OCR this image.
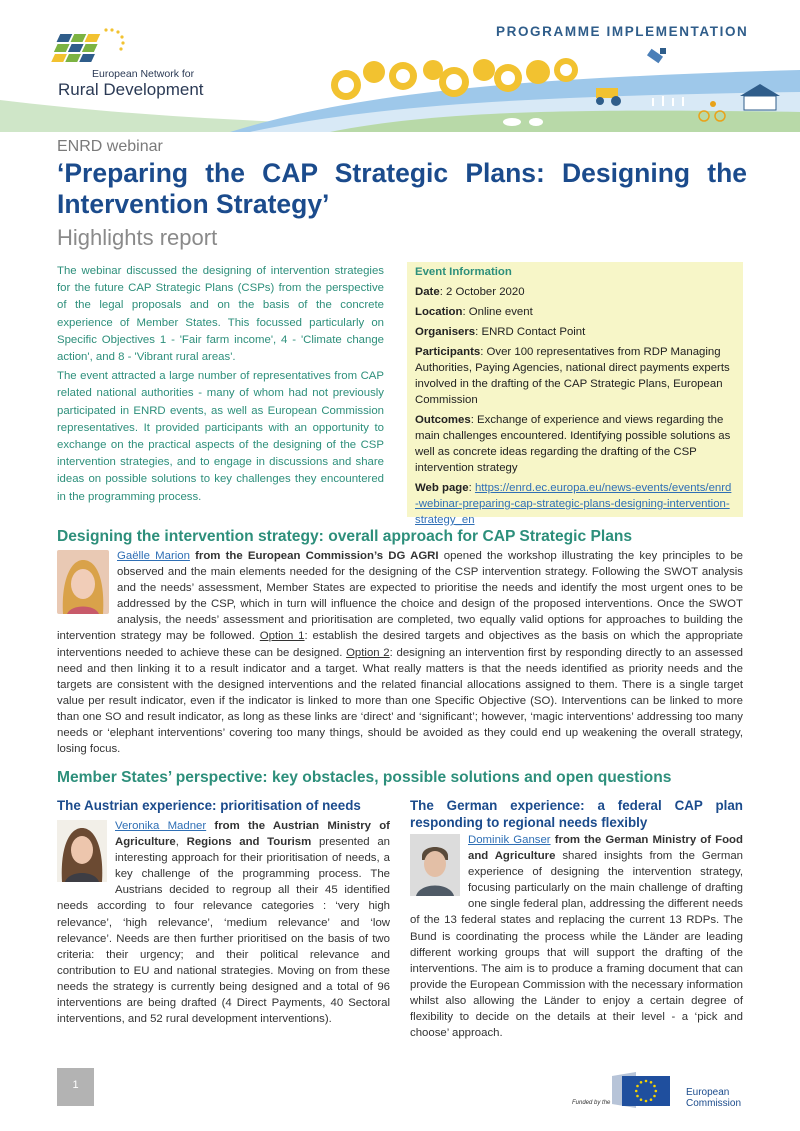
European Network for
Rural Development
PROGRAMME IMPLEMENTATION
ENRD webinar
‘Preparing the CAP Strategic Plans: Designing the Intervention Strategy’
Highlights report

The webinar discussed the designing of intervention strategies for the future CAP Strategic Plans (CSPs) from the perspective of the legal proposals and on the basis of the concrete experience of Member States. This focussed particularly on Specific Objectives 1 - 'Fair farm income', 4 - 'Climate change action', and 8 - 'Vibrant rural areas'.

The event attracted a large number of representatives from CAP related national authorities - many of whom had not previously participated in ENRD events, as well as European Commission representatives. It provided participants with an opportunity to exchange on the practical aspects of the designing of the CSP intervention strategies, and to engage in discussions and share ideas on possible solutions to key challenges they encountered in the programming process.

Event Information
Date: 2 October 2020
Location: Online event
Organisers: ENRD Contact Point
Participants: Over 100 representatives from RDP Managing Authorities, Paying Agencies, national direct payments experts involved in the drafting of the CAP Strategic Plans, European Commission
Outcomes: Exchange of experience and views regarding the main challenges encountered. Identifying possible solutions as well as concrete ideas regarding the drafting of the CSP intervention strategy
Web page: https://enrd.ec.europa.eu/news-events/events/enrd-webinar-preparing-cap-strategic-plans-designing-intervention-strategy_en
Designing the intervention strategy: overall approach for CAP Strategic Plans
Gaëlle Marion from the European Commission’s DG AGRI opened the workshop illustrating the key principles to be observed and the main elements needed for the designing of the CSP intervention strategy. Following the SWOT analysis and the needs’ assessment, Member States are expected to prioritise the needs and identify the most urgent ones to be addressed by the CSP, which in turn will influence the choice and design of the proposed interventions. Once the SWOT analysis, the needs’ assessment and prioritisation are completed, two equally valid options for approaches to building the intervention strategy may be followed. Option 1: establish the desired targets and objectives as the basis on which the appropriate interventions needed to achieve these can be designed. Option 2: designing an intervention first by responding directly to an assessed need and then linking it to a result indicator and a target. What really matters is that the needs identified as priority needs and the targets are consistent with the designed interventions and the related financial allocations assigned to them. There is a single target value per result indicator, even if the indicator is linked to more than one Specific Objective (SO). Interventions can be linked to more than one SO and result indicator, as long as these links are ‘direct’ and ‘significant’; however, ‘magic interventions’ addressing too many needs or ‘elephant interventions’ covering too many things, should be avoided as they could end up weakening the overall strategy, losing focus.
Member States’ perspective: key obstacles, possible solutions and open questions
The Austrian experience: prioritisation of needs
Veronika Madner from the Austrian Ministry of Agriculture, Regions and Tourism presented an interesting approach for their prioritisation of needs, a key challenge of the programming process. The Austrians decided to regroup all their 45 identified needs according to four relevance categories : ‘very high relevance’, ‘high relevance’, ‘medium relevance’ and ‘low relevance’. Needs are then further prioritised on the basis of two criteria: their urgency; and their political relevance and contribution to EU and national strategies. Moving on from these needs the strategy is currently being designed and a total of 96 interventions are being drafted (4 Direct Payments, 40 Sectoral interventions, and 52 rural development interventions).
The German experience: a federal CAP plan responding to regional needs flexibly
Dominik Ganser from the German Ministry of Food and Agriculture shared insights from the German experience of designing the intervention strategy, focusing particularly on the main challenge of drafting one single federal plan, addressing the different needs of the 13 federal states and replacing the current 13 RDPs. The Bund is coordinating the process while the Länder are leading different working groups that will support the drafting of the interventions. The aim is to produce a framing document that can provide the European Commission with the necessary information whilst also allowing the Länder to enjoy a certain degree of flexibility to decide on the details at their level - a ‘pick and choose’ approach.
1
Funded by the
European
Commission
